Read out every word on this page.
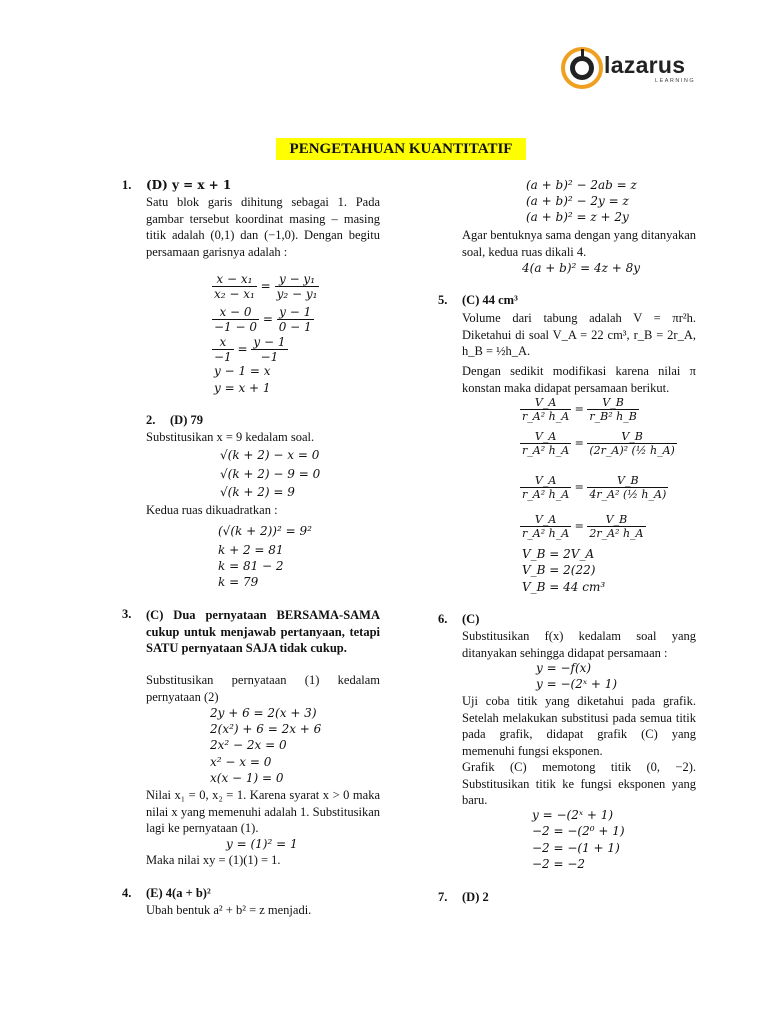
lazarus
LEARNING
PENGETAHUAN KUANTITATIF
1. (D) y = x + 1
Satu blok garis dihitung sebagai 1. Pada gambar tersebut koordinat masing – masing titik adalah (0,1) dan (−1,0). Dengan begitu persamaan garisnya adalah :
$\frac{\text{x − x₁}}{\text{x₂ − x₁}} = \frac{\text{y − y₁}}{\text{y₂ − y₁}}$
$\frac{x - 0}{-1 - 0} = \frac{y - 1}{0 - 1}$
$\frac{x}{-1} = \frac{y - 1}{-1}$
y − 1 = x
y = x + 1
2. (D) 79
Substitusikan x = 9 kedalam soal.
√(k + 2) − x = 0
√(k + 2) − 9 = 0
√(k + 2) = 9
Kedua ruas dikuadratkan :
(√(k + 2))² = 9²
k + 2 = 81
k = 81 − 2
k = 79
3. (C) Dua pernyataan BERSAMA-SAMA cukup untuk menjawab pertanyaan, tetapi SATU pernyataan SAJA tidak cukup.
Substitusikan pernyataan (1) kedalam pernyataan (2)
2y + 6 = 2(x + 3)
2(x²) + 6 = 2x + 6
2x² − 2x = 0
x² − x = 0
x(x − 1) = 0
Nilai x₁ = 0, x₂ = 1. Karena syarat x > 0 maka nilai x yang memenuhi adalah 1. Substitusikan lagi ke pernyataan (1).
y = (1)² = 1
Maka nilai xy = (1)(1) = 1.
4. (E) 4(a + b)²
Ubah bentuk a² + b² = z menjadi.
(a + b)² − 2ab = z
(a + b)² − 2y = z
(a + b)² = z + 2y
Agar bentuknya sama dengan yang ditanyakan soal, kedua ruas dikali 4.
4(a + b)² = 4z + 8y
5. (C) 44 cm³
Volume dari tabung adalah V = πr²h. Diketahui di soal V_A = 22 cm³, r_B = 2r_A, h_B = ½h_A.
Dengan sedikit modifikasi karena nilai π konstan maka didapat persamaan berikut.
$\frac{V\_A}{\text{r\_A² h\_A}} = \frac{V\_B}{\text{r\_B² h\_B}}$
$\frac{V\_A}{\text{r\_A² h\_A}} = \frac{V\_B}{\text{(2r\_A)² (½ h\_A)}}$
$\frac{V\_A}{\text{r\_A² h\_A}} = \frac{V\_B}{\text{4r\_A² (½ h\_A)}}$
$\frac{V\_A}{\text{r\_A² h\_A}} = \frac{V\_B}{\text{2r\_A² h\_A}}$
V_B = 2V_A
V_B = 2(22)
V_B = 44 cm³
6. (C)
Substitusikan f(x) kedalam soal yang ditanyakan sehingga didapat persamaan :
y = −f(x)
y = −(2ˣ + 1)
Uji coba titik yang diketahui pada grafik. Setelah melakukan substitusi pada semua titik pada grafik, didapat grafik (C) yang memenuhi fungsi eksponen.
Grafik (C) memotong titik (0, −2). Substitusikan titik ke fungsi eksponen yang baru.
y = −(2ˣ + 1)
−2 = −(2⁰ + 1)
−2 = −(1 + 1)
−2 = −2
7. (D) 2
